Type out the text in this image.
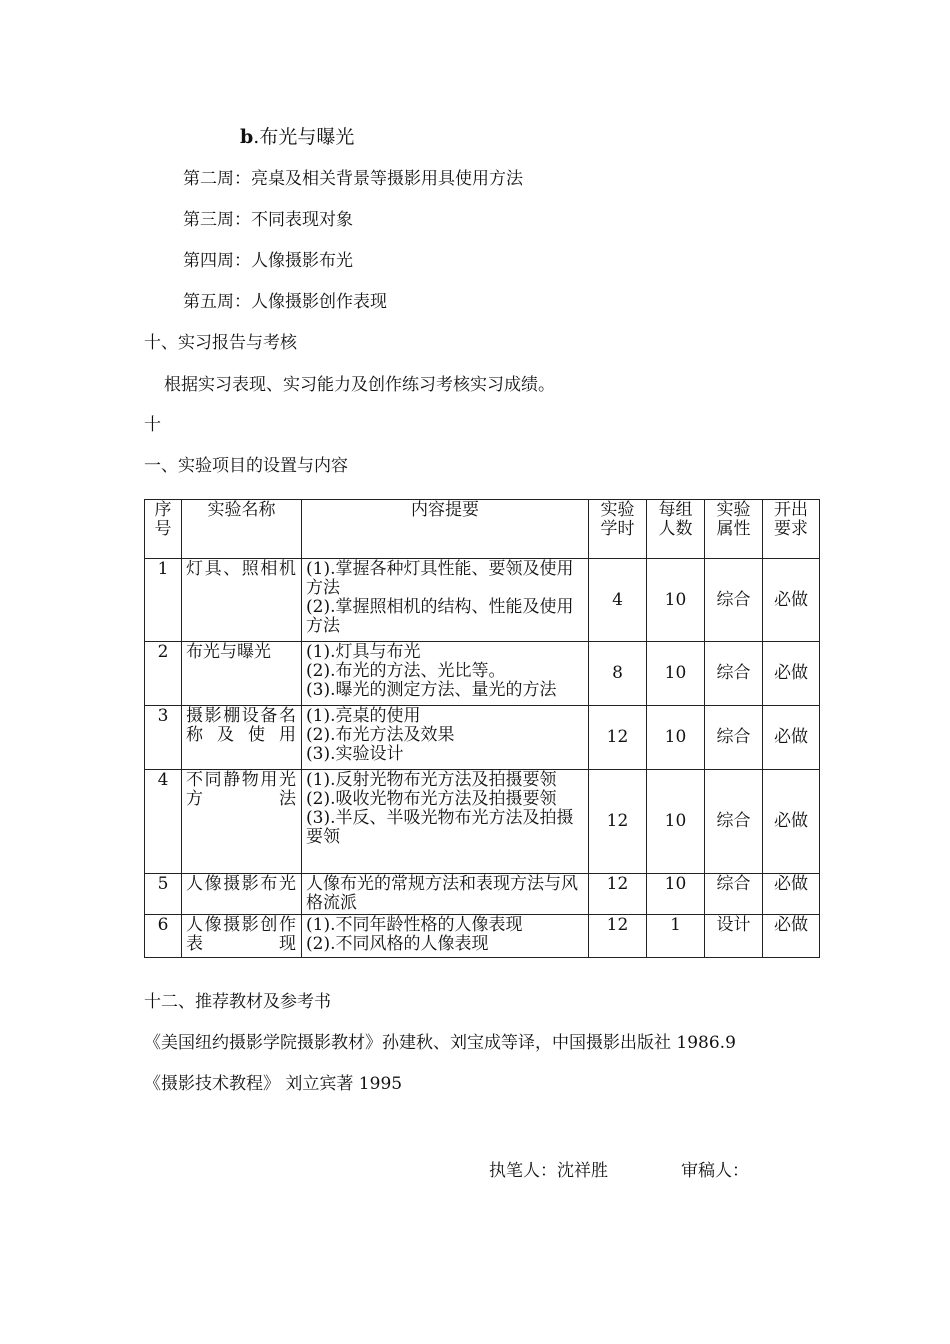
b.布光与曝光
第二周：亮桌及相关背景等摄影用具使用方法
第三周：不同表现对象
第四周：人像摄影布光
第五周：人像摄影创作表现
十、实习报告与考核
根据实习表现、实习能力及创作练习考核实习成绩。
十
一、实验项目的设置与内容
序号	实验名称	内容提要	实验学时	每组人数	实验属性	开出要求
1	灯具、照相机	(1).掌握各种灯具性能、要领及使用方法
(2).掌握照相机的结构、性能及使用方法	4	10	综合	必做
2	布光与曝光	(1).灯具与布光
(2).布光的方法、光比等。
(3).曝光的测定方法、量光的方法	8	10	综合	必做
3	摄影棚设备名称及使用	(1).亮桌的使用
(2).布光方法及效果
(3).实验设计	12	10	综合	必做
4	不同静物用光方法	(1).反射光物布光方法及拍摄要领
(2).吸收光物布光方法及拍摄要领
(3).半反、半吸光物布光方法及拍摄要领	12	10	综合	必做
5	人像摄影布光	人像布光的常规方法和表现方法与风格流派	12	10	综合	必做
6	人像摄影创作表现	(1).不同年龄性格的人像表现
(2).不同风格的人像表现	12	1	设计	必做
十二、推荐教材及参考书
《美国纽约摄影学院摄影教材》孙建秋、刘宝成等译，中国摄影出版社 1986.9
《摄影技术教程》 刘立宾著 1995
执笔人：沈祥胜	审稿人：
